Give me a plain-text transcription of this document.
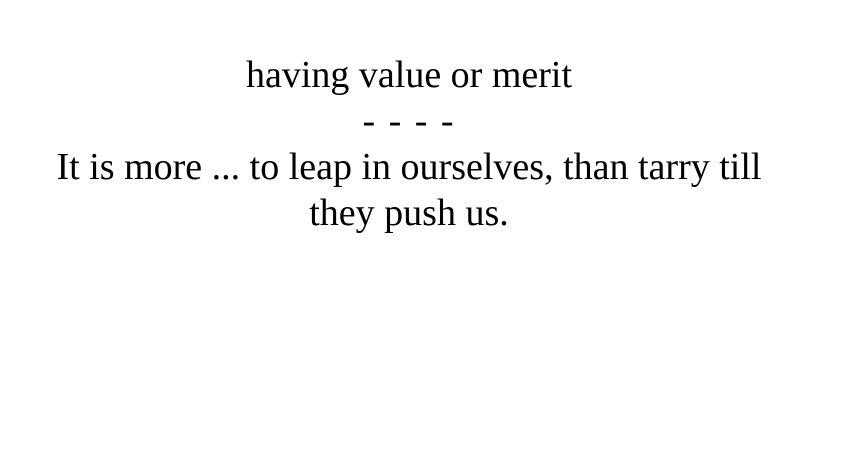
having value or merit

- - - -

It is more ... to leap in ourselves, than tarry till they push us.
